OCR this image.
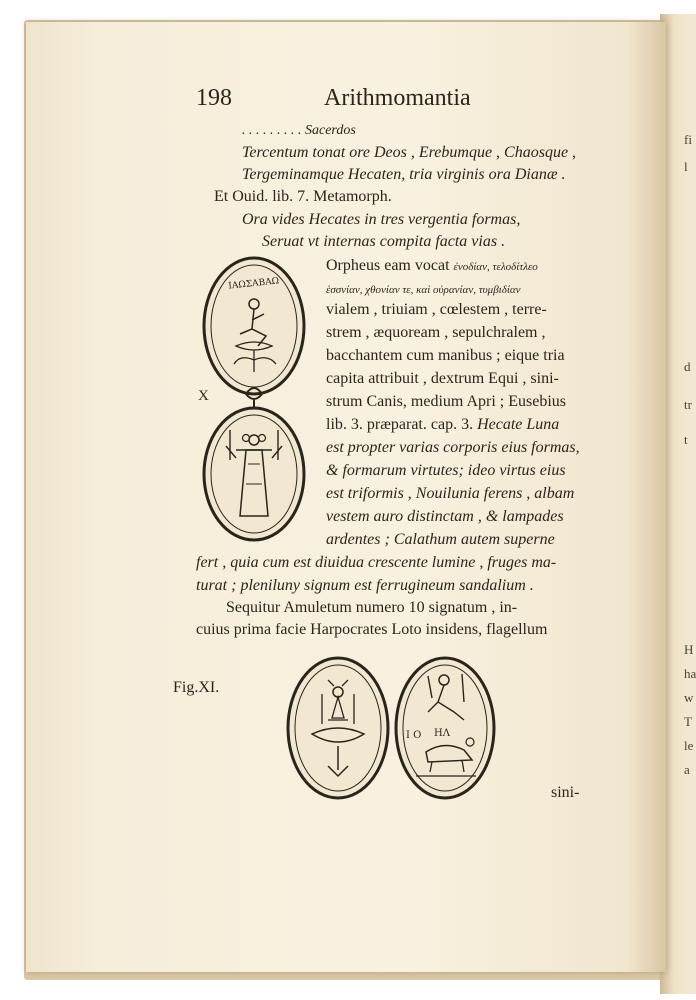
fi
l
d
tr
t
H
ha
w
T
le
a
198	Arithmomantia
. . . . . . . . . Sacerdos
Tercentum tonat ore Deos , Erebumque , Chaosque ,
Tergeminamque Hecaten, tria virginis ora Dianæ .
Et Ouid. lib. 7. Metamorph.
Ora vides Hecates in tres vergentia formas,
Seruat vt internas compita facta vias .
Orpheus eam vocat ἐνοδίαν, τελοδίτλεο
ἑσσνίαν, χθονίαν τε, καὶ οὐρανίαν, τυμβιδίαν
vialem , triuiam , cœlestem , terre-
strem , æquoream , sepulchralem ,
bacchantem cum manibus ; eique tria
capita attribuit , dextrum Equi , sini-
strum Canis, medium Apri ; Eusebius
lib. 3. præparat. cap. 3. Hecate Luna
est propter varias corporis eius formas,
& formarum virtutes; ideo virtus eius
est triformis , Nouilunia ferens , albam
vestem auro distinctam , & lampades
ardentes ; Calathum autem superne
fert , quia cum est diuidua crescente lumine , fruges ma-
turat ; pleniluny signum est ferrugineum sandalium .
Sequitur Amuletum numero 10 signatum , in-
cuius prima facie Harpocrates Loto insidens, flagellum
ΙΑΩΣΑΒΑΩ
X
Fig.XI.
I O ΗΛ
sini-
